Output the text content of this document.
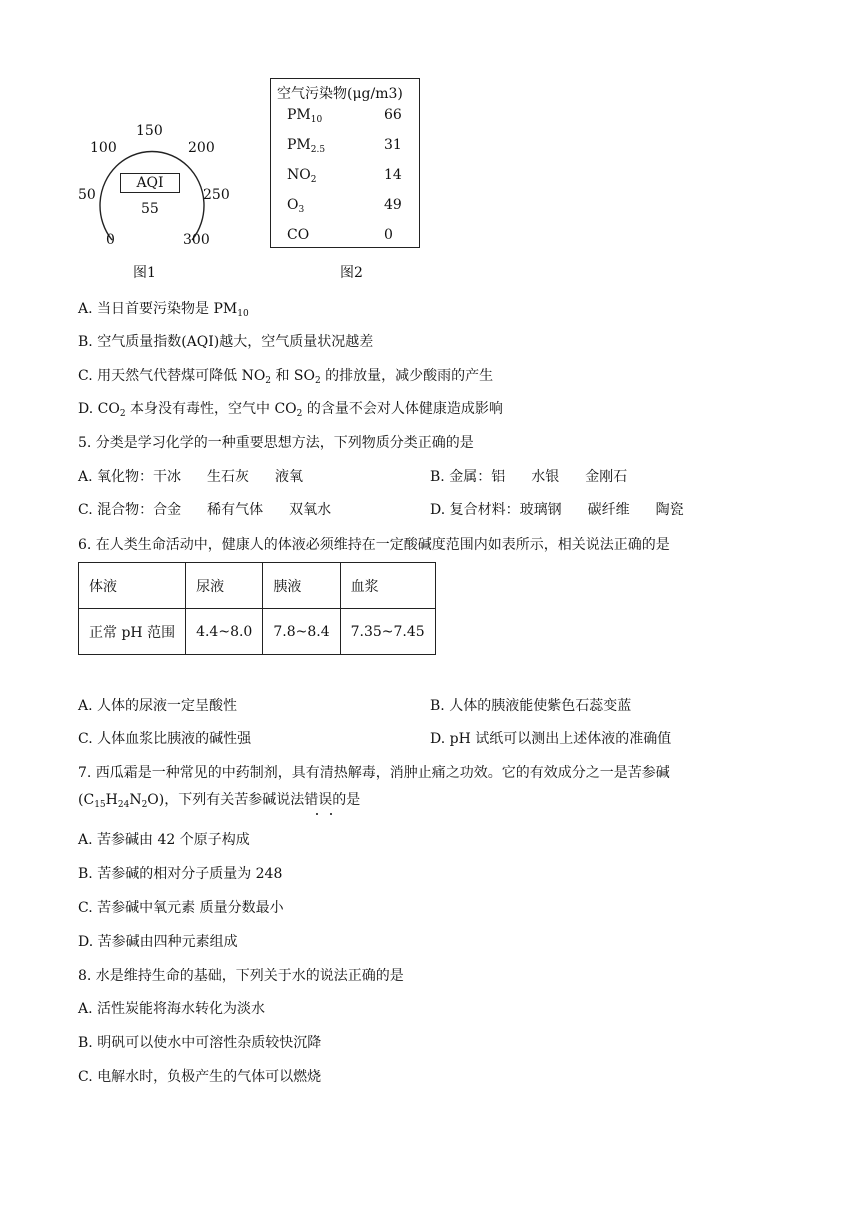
0
50
100
150
200
250
300
AQI
55
图1
空气污染物(μg/m3)
$PM_{10}$	66
$PM_{2.5}$	31
$NO_2$	14
$O_3$	49
CO	0
图2
A. 当日首要污染物是 $PM_{10}$
B. 空气质量指数(AQI)越大，空气质量状况越差
C. 用天然气代替煤可降低 $NO_2$ 和 $SO_2$ 的排放量，减少酸雨的产生
D. $CO_2$ 本身没有毒性，空气中 $CO_2$ 的含量不会对人体健康造成影响
5. 分类是学习化学的一种重要思想方法，下列物质分类正确的是
A. 氧化物：干冰 生石灰 液氧	B. 金属：铝 水银 金刚石
C. 混合物：合金 稀有气体 双氧水	D. 复合材料：玻璃钢 碳纤维 陶瓷
6. 在人类生命活动中，健康人的体液必须维持在一定酸碱度范围内如表所示，相关说法正确的是
体液	尿液	胰液	血浆
正常 pH 范围	4.4~8.0	7.8~8.4	7.35~7.45
A. 人体的尿液一定呈酸性	B. 人体的胰液能使紫色石蕊变蓝
C. 人体血浆比胰液的碱性强	D. pH 试纸可以测出上述体液的准确值
7. 西瓜霜是一种常见的中药制剂，具有清热解毒，消肿止痛之功效。它的有效成分之一是苦参碱
$(C_{15}H_{24}N_2O)$，下列有关苦参碱说法错误的是
A. 苦参碱由 42 个原子构成
B. 苦参碱的相对分子质量为 248
C. 苦参碱中氧元素 质量分数最小
D. 苦参碱由四种元素组成
8. 水是维持生命的基础，下列关于水的说法正确的是
A. 活性炭能将海水转化为淡水
B. 明矾可以使水中可溶性杂质较快沉降
C. 电解水时，负极产生的气体可以燃烧
